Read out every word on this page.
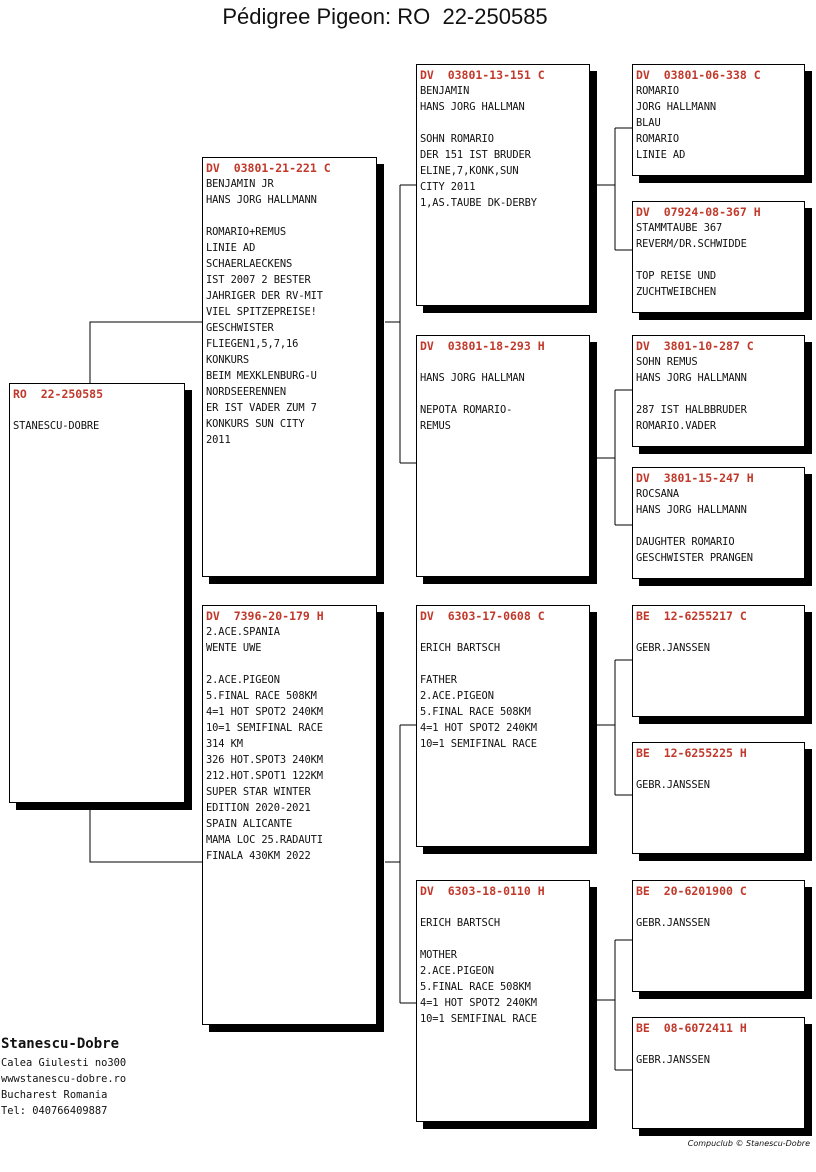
Pédigree Pigeon: RO  22-250585
RO  22-250585
STANESCU-DOBRE
DV  03801-21-221 C
BENJAMIN JR
HANS JORG HALLMANN
ROMARIO+REMUS
LINIE AD
SCHAERLAECKENS
IST 2007 2 BESTER
JAHRIGER DER RV-MIT
VIEL SPITZEPREISE!
GESCHWISTER
FLIEGEN1,5,7,16
KONKURS
BEIM MEXKLENBURG-U
NORDSEERENNEN
ER IST VADER ZUM 7
KONKURS SUN CITY
2011
DV  7396-20-179 H
2.ACE.SPANIA
WENTE UWE
2.ACE.PIGEON
5.FINAL RACE 508KM
4=1 HOT SPOT2 240KM
10=1 SEMIFINAL RACE
314 KM
326 HOT.SPOT3 240KM
212.HOT.SPOT1 122KM
SUPER STAR WINTER
EDITION 2020-2021
SPAIN ALICANTE
MAMA LOC 25.RADAUTI
FINALA 430KM 2022
DV  03801-13-151 C
BENJAMIN
HANS JORG HALLMAN
SOHN ROMARIO
DER 151 IST BRUDER
ELINE,7,KONK,SUN
CITY 2011
1,AS.TAUBE DK-DERBY
DV  03801-18-293 H
HANS JORG HALLMAN
NEPOTA ROMARIO-
REMUS
DV  6303-17-0608 C
ERICH BARTSCH
FATHER
2.ACE.PIGEON
5.FINAL RACE 508KM
4=1 HOT SPOT2 240KM
10=1 SEMIFINAL RACE
DV  6303-18-0110 H
ERICH BARTSCH
MOTHER
2.ACE.PIGEON
5.FINAL RACE 508KM
4=1 HOT SPOT2 240KM
10=1 SEMIFINAL RACE
DV  03801-06-338 C
ROMARIO
JORG HALLMANN
BLAU
ROMARIO
LINIE AD
DV  07924-08-367 H
STAMMTAUBE 367
REVERM/DR.SCHWIDDE
TOP REISE UND
ZUCHTWEIBCHEN
DV  3801-10-287 C
SOHN REMUS
HANS JORG HALLMANN
287 IST HALBBRUDER
ROMARIO.VADER
DV  3801-15-247 H
ROCSANA
HANS JORG HALLMANN
DAUGHTER ROMARIO
GESCHWISTER PRANGEN
BE  12-6255217 C
GEBR.JANSSEN
BE  12-6255225 H
GEBR.JANSSEN
BE  20-6201900 C
GEBR.JANSSEN
BE  08-6072411 H
GEBR.JANSSEN
Stanescu-Dobre
Calea Giulesti no300
wwwstanescu-dobre.ro
Bucharest Romania
Tel: 040766409887
Compuclub © Stanescu-Dobre
